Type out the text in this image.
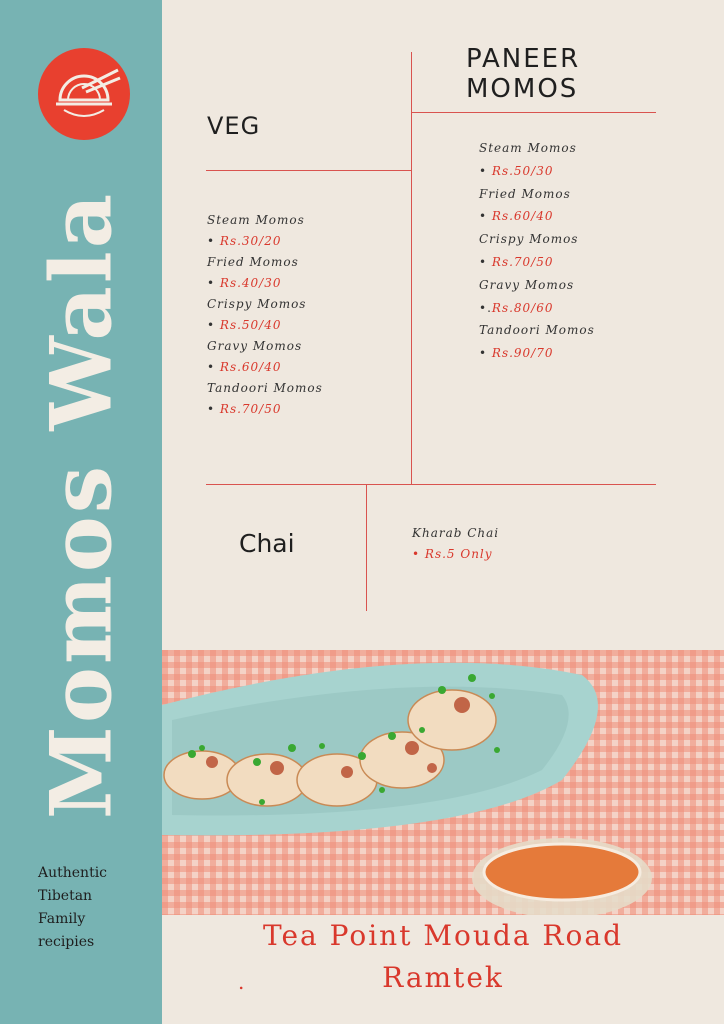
Momos Wala
Authentic
Tibetan
Family
recipies
VEG
Steam Momos
• Rs.30/20
Fried Momos
• Rs.40/30
Crispy Momos
• Rs.50/40
Gravy Momos
• Rs.60/40
Tandoori Momos
• Rs.70/50
PANEER
MOMOS
Steam Momos
• Rs.50/30
Fried Momos
• Rs.60/40
Crispy Momos
• Rs.70/50
Gravy Momos
•.Rs.80/60
Tandoori Momos
• Rs.90/70
Chai	Kharab Chai
• Rs.5 Only
Tea Point Mouda Road
Ramtek
.
